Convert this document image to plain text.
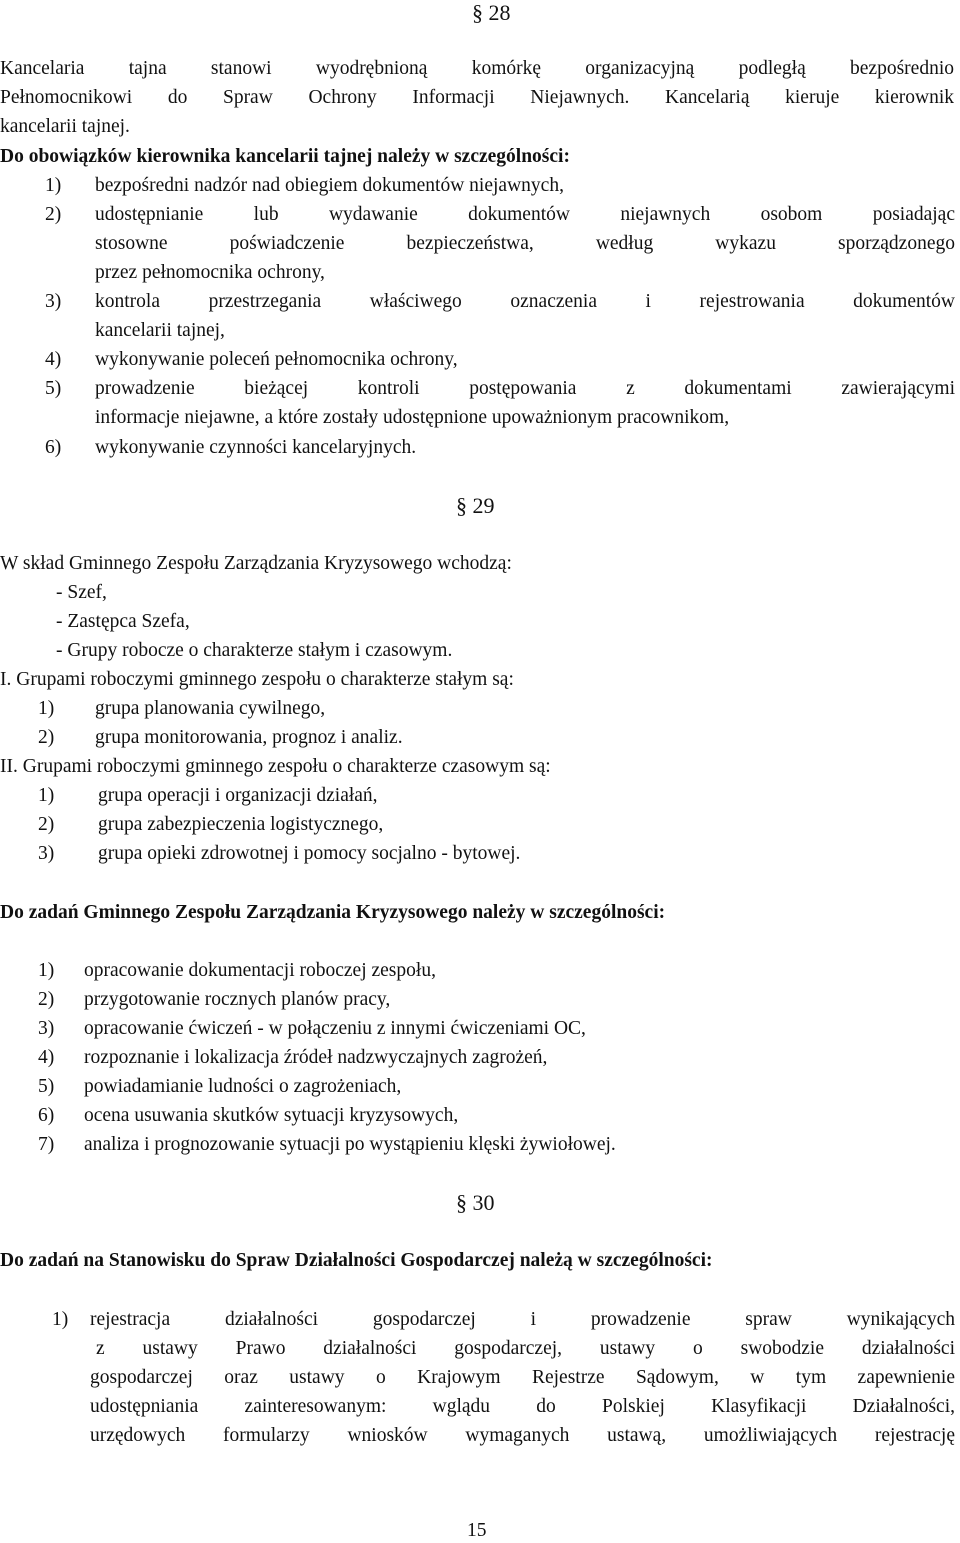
§ 28
Kancelaria tajna stanowi wyodrębnioną komórkę organizacyjną podległą bezpośrednio
Pełnomocnikowi do Spraw Ochrony Informacji Niejawnych. Kancelarią kieruje kierownik
kancelarii tajnej.
Do obowiązków kierownika kancelarii tajnej należy w szczególności:
1) bezpośredni nadzór nad obiegiem dokumentów niejawnych,
2) udostępnianie lub wydawanie dokumentów niejawnych osobom posiadając
stosowne poświadczenie bezpieczeństwa, według wykazu sporządzonego
przez pełnomocnika ochrony,
3) kontrola przestrzegania właściwego oznaczenia i rejestrowania dokumentów
kancelarii tajnej,
4) wykonywanie poleceń pełnomocnika ochrony,
5) prowadzenie bieżącej kontroli postępowania z dokumentami zawierającymi
informacje niejawne, a które zostały udostępnione upoważnionym pracownikom,
6) wykonywanie czynności kancelaryjnych.
§ 29
W skład Gminnego Zespołu Zarządzania Kryzysowego wchodzą:
- Szef,
- Zastępca Szefa,
- Grupy robocze o charakterze stałym i czasowym.
I. Grupami roboczymi gminnego zespołu o charakterze stałym są:
1) grupa planowania cywilnego,
2) grupa monitorowania, prognoz i analiz.
II. Grupami roboczymi gminnego zespołu o charakterze czasowym są:
1) grupa operacji i organizacji działań,
2) grupa zabezpieczenia logistycznego,
3) grupa opieki zdrowotnej i pomocy socjalno - bytowej.
Do zadań Gminnego Zespołu Zarządzania Kryzysowego należy w szczególności:
1) opracowanie dokumentacji roboczej zespołu,
2) przygotowanie rocznych planów pracy,
3) opracowanie ćwiczeń - w połączeniu z innymi ćwiczeniami OC,
4) rozpoznanie i lokalizacja źródeł nadzwyczajnych zagrożeń,
5) powiadamianie ludności o zagrożeniach,
6) ocena usuwania skutków sytuacji kryzysowych,
7) analiza i prognozowanie sytuacji po wystąpieniu klęski żywiołowej.
§ 30
Do zadań na Stanowisku do Spraw Działalności Gospodarczej należą w szczególności:
1) rejestracja działalności gospodarczej i prowadzenie spraw wynikających
z ustawy Prawo działalności gospodarczej, ustawy o swobodzie działalności
gospodarczej oraz ustawy o Krajowym Rejestrze Sądowym, w tym zapewnienie
udostępniania zainteresowanym: wglądu do Polskiej Klasyfikacji Działalności,
urzędowych formularzy wniosków wymaganych ustawą, umożliwiających rejestrację
15
